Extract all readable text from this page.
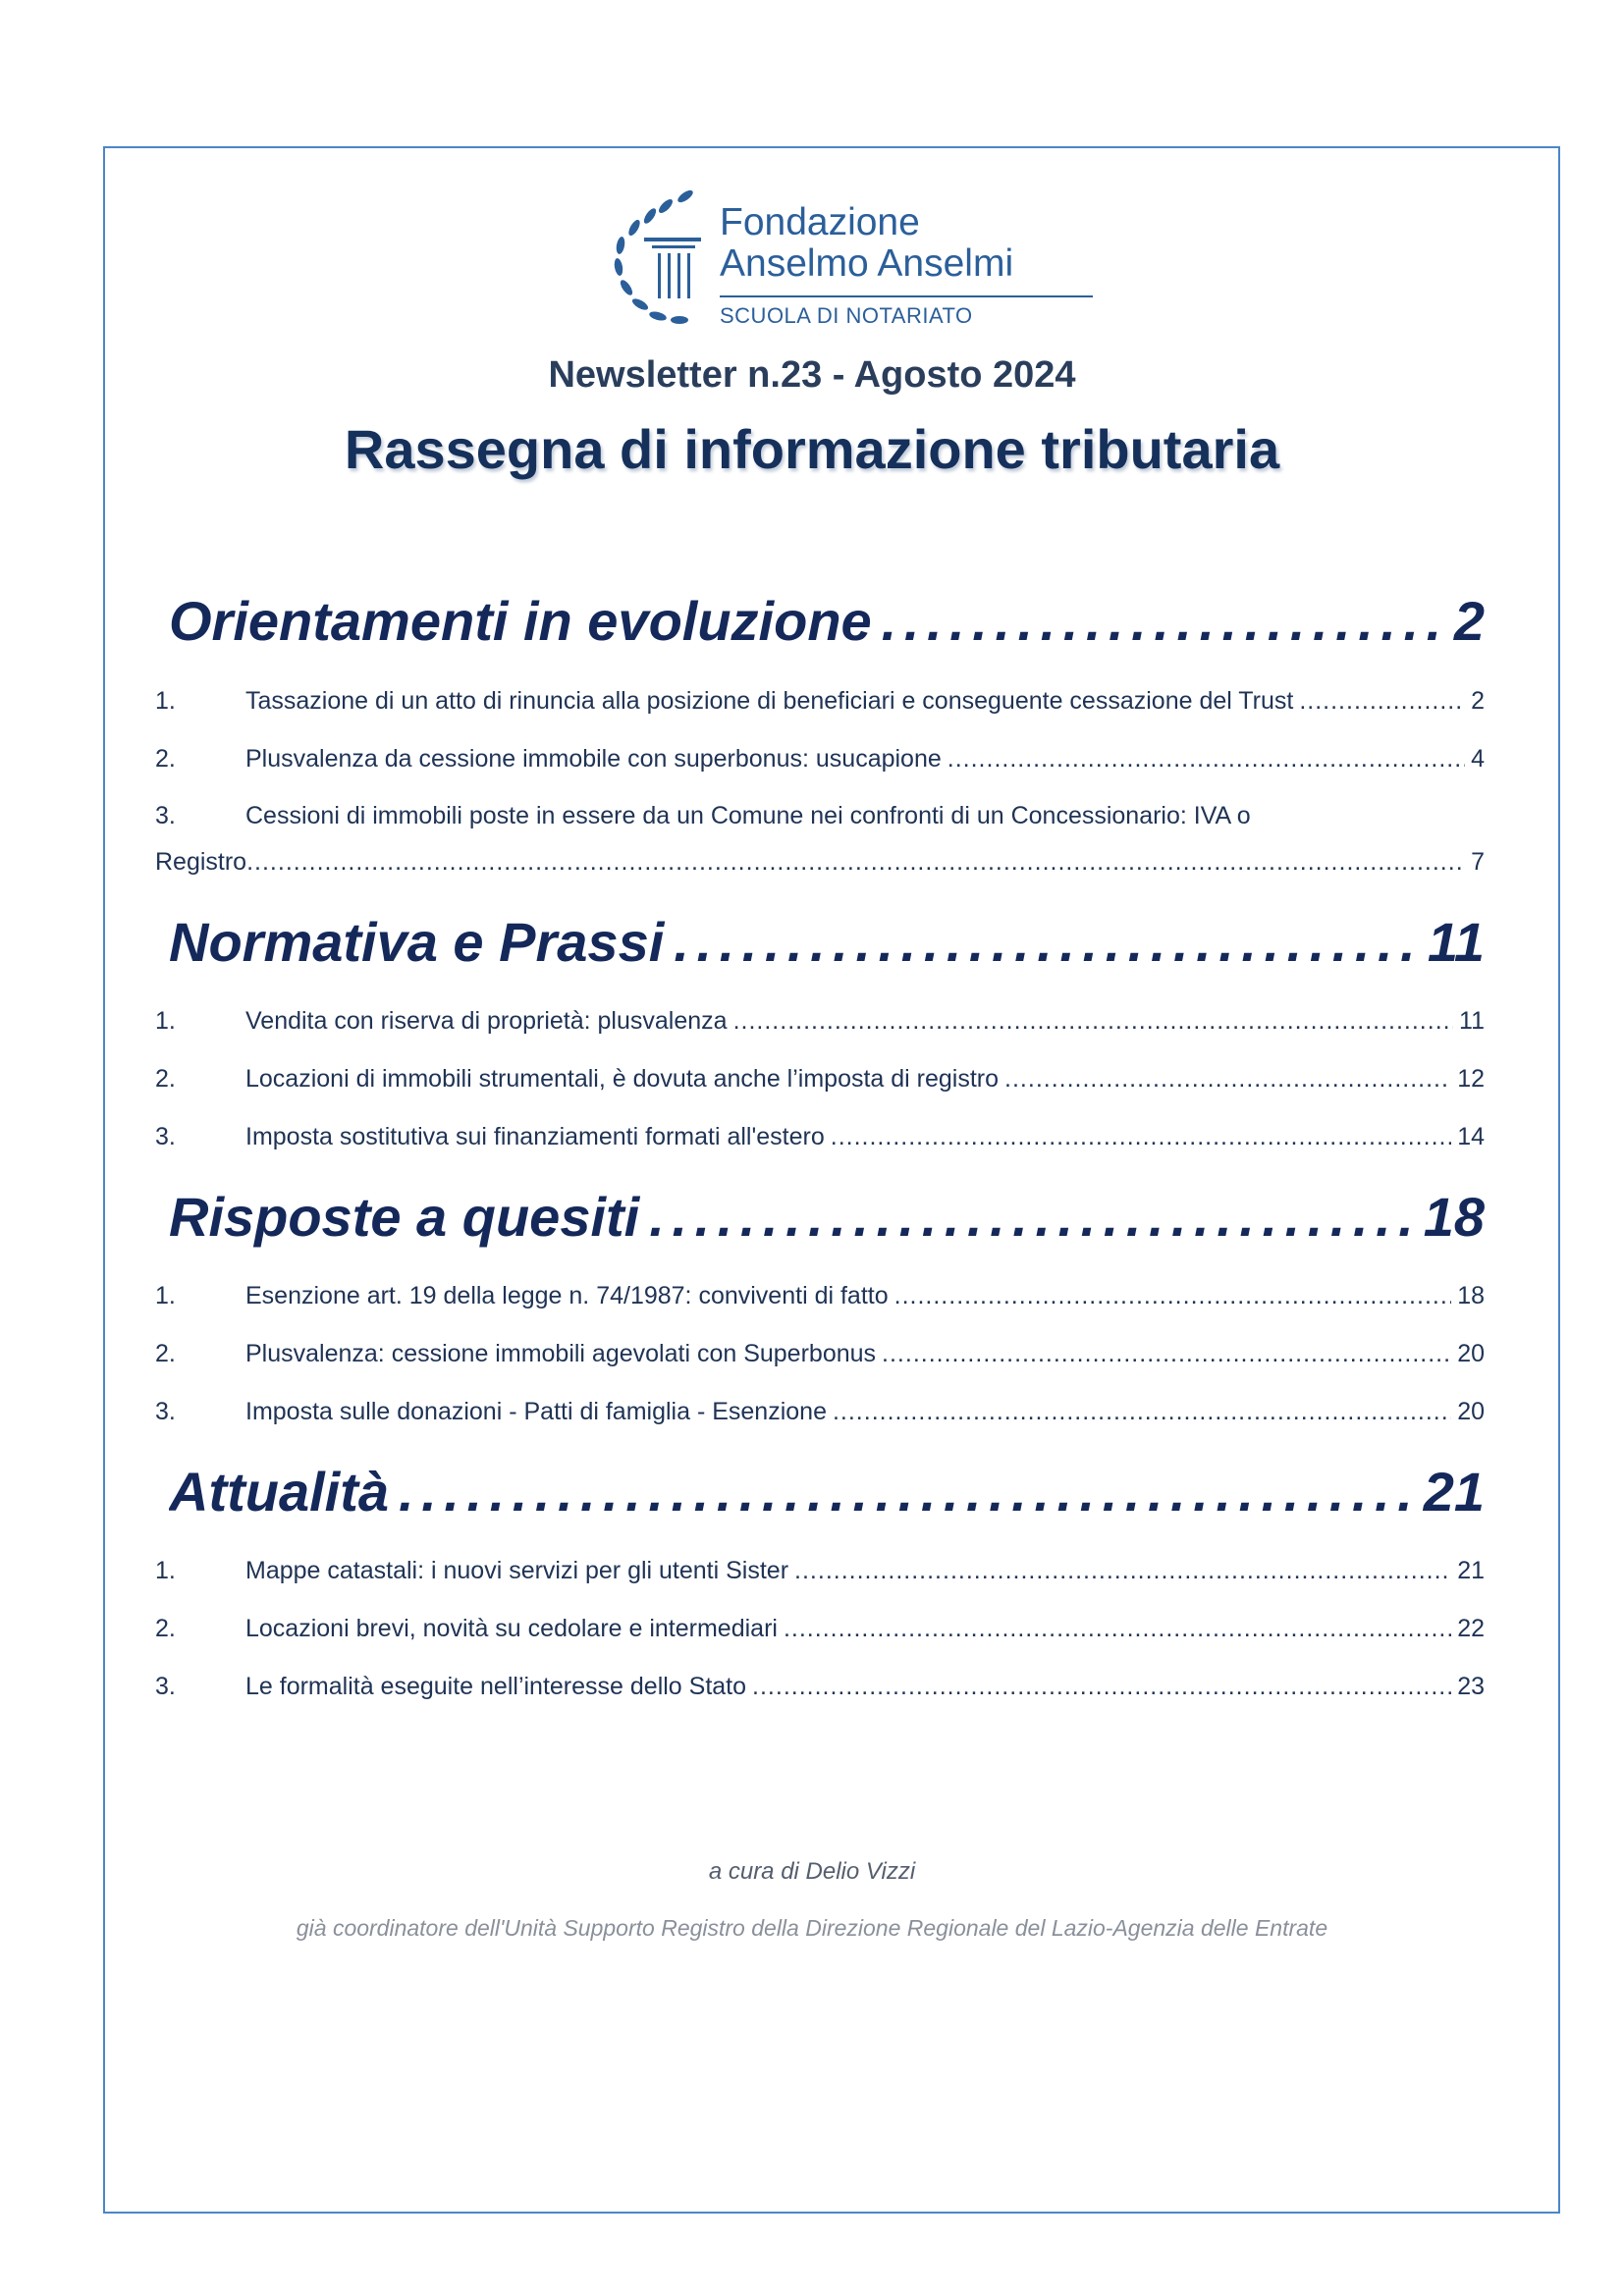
Fondazione
Anselmo Anselmi
SCUOLA DI NOTARIATO
Newsletter n.23 - Agosto 2024
Rassegna di informazione tributaria
Orientamenti in evoluzione . . .	2
1.	Tassazione di un atto di rinuncia alla posizione di beneficiari e conseguente cessazione del Trust .....	2
2.	Plusvalenza da cessione immobile con superbonus: usucapione .....	4
3.	Cessioni di immobili poste in essere da un Comune nei confronti di un Concessionario: IVA o
Registro .....	7
Normativa e Prassi . . .	11
1.	Vendita con riserva di proprietà: plusvalenza .....	11
2.	Locazioni di immobili strumentali, è dovuta anche l’imposta di registro .....	12
3.	Imposta sostitutiva sui finanziamenti formati all'estero .....	14
Risposte a quesiti . . .	18
1.	Esenzione art. 19 della legge n. 74/1987: conviventi di fatto .....	18
2.	Plusvalenza: cessione immobili agevolati con Superbonus .....	20
3.	Imposta sulle donazioni - Patti di famiglia - Esenzione .....	20
Attualità . . .	21
1.	Mappe catastali: i nuovi servizi per gli utenti Sister .....	21
2.	Locazioni brevi, novità su cedolare e intermediari .....	22
3.	Le formalità eseguite nell’interesse dello Stato .....	23
a cura di Delio Vizzi
già coordinatore dell'Unità Supporto Registro della Direzione Regionale del Lazio-Agenzia delle Entrate
